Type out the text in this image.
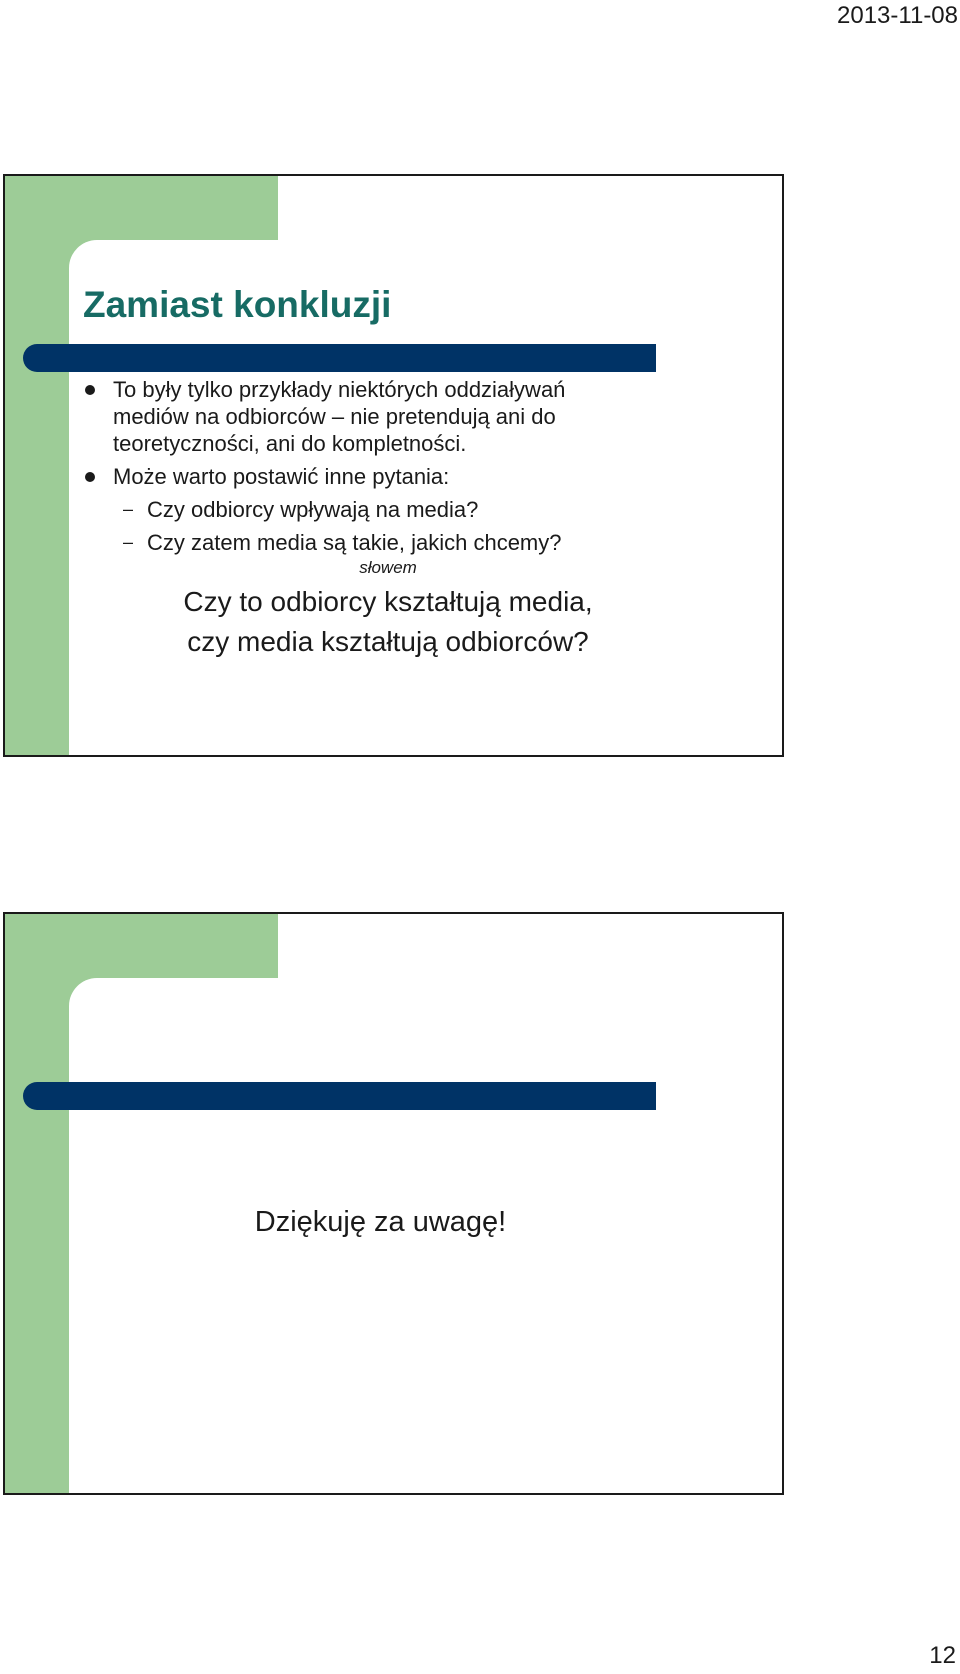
2013-11-08
Zamiast konkluzji
To były tylko przykłady niektórych oddziaływań
mediów na odbiorców – nie pretendują ani do
teoretyczności, ani do kompletności.
Może warto postawić inne pytania:
– Czy odbiorcy wpływają na media?
– Czy zatem media są takie, jakich chcemy?
słowem
Czy to odbiorcy kształtują media,
czy media kształtują odbiorców?
Dziękuję za uwagę!
12
